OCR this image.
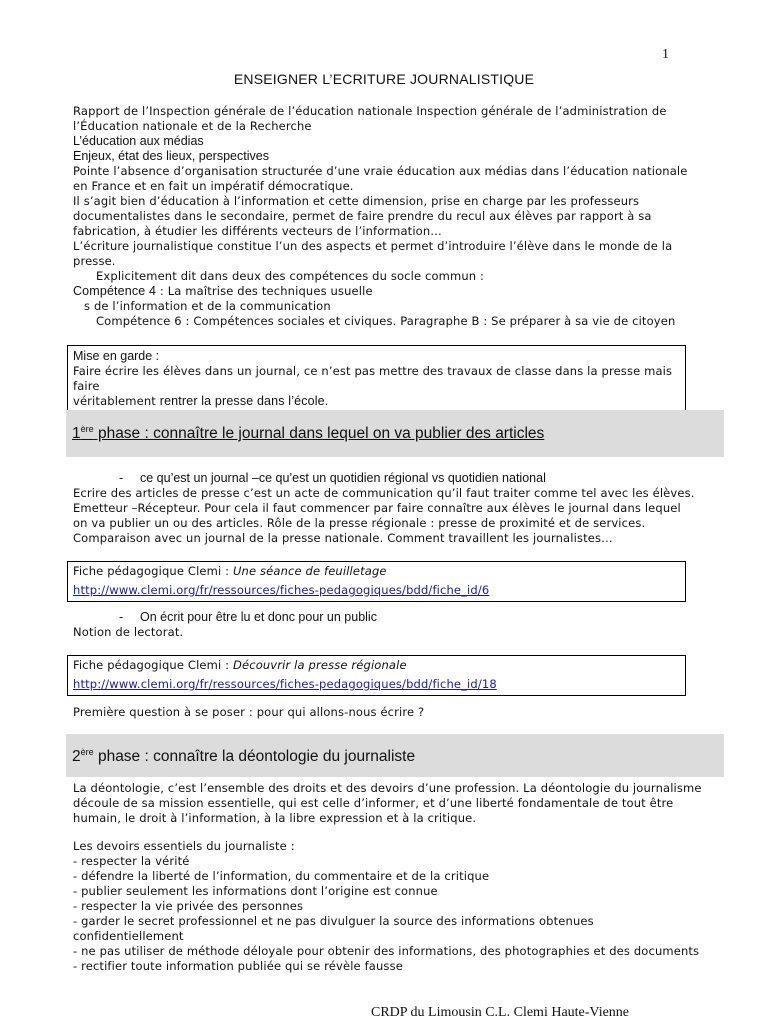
1
ENSEIGNER L’ECRITURE JOURNALISTIQUE

Rapport de l’Inspection générale de l’éducation nationale Inspection générale de l’administration de

l’Éducation nationale et de la Recherche

L’éducation aux médias

Enjeux, état des lieux, perspectives

Pointe l’absence d’organisation structurée d’une vraie éducation aux médias dans l’éducation nationale

en France et en fait un impératif démocratique.

Il s’agit bien d’éducation à l’information et cette dimension, prise en charge par les professeurs

documentalistes dans le secondaire, permet de faire prendre du recul aux élèves par rapport à sa

fabrication, à étudier les différents vecteurs de l’information…

L’écriture journalistique constitue l’un des aspects et permet d’introduire l’élève dans le monde de la

presse.

Explicitement dit dans deux des compétences du socle commun :

Compétence 4 : La maîtrise des techniques usuelle

s de l’information et de la communication

Compétence 6 : Compétences sociales et civiques. Paragraphe B : Se préparer à sa vie de citoyen

Mise en garde :

Faire écrire les élèves dans un journal, ce n’est pas mettre des travaux de classe dans la presse mais faire

véritablement rentrer la presse dans l’école.

1ère phase : connaître le journal dans lequel on va publier des articles

- ce qu’est un journal –ce qu’est un quotidien régional vs quotidien national

Ecrire des articles de presse c’est un acte de communication qu’il faut traiter comme tel avec les élèves.

Emetteur –Récepteur. Pour cela il faut commencer par faire connaître aux élèves le journal dans lequel

on va publier un ou des articles. Rôle de la presse régionale : presse de proximité et de services.

Comparaison avec un journal de la presse nationale. Comment travaillent les journalistes…

Fiche pédagogique Clemi : Une séance de feuilletage

http://www.clemi.org/fr/ressources/fiches-pedagogiques/bdd/fiche_id/6

- On écrit pour être lu et donc pour un public

Notion de lectorat.

Fiche pédagogique Clemi : Découvrir la presse régionale

http://www.clemi.org/fr/ressources/fiches-pedagogiques/bdd/fiche_id/18

Première question à se poser : pour qui allons-nous écrire ?

2ère phase : connaître la déontologie du journaliste

La déontologie, c’est l’ensemble des droits et des devoirs d’une profession. La déontologie du journalisme

découle de sa mission essentielle, qui est celle d’informer, et d’une liberté fondamentale de tout être

humain, le droit à l’information, à la libre expression et à la critique.

Les devoirs essentiels du journaliste :

- respecter la vérité
- défendre la liberté de l’information, du commentaire et de la critique
- publier seulement les informations dont l’origine est connue
- respecter la vie privée des personnes
- garder le secret professionnel et ne pas divulguer la source des informations obtenues
confidentiellement
- ne pas utiliser de méthode déloyale pour obtenir des informations, des photographies et des documents
- rectifier toute information publiée qui se révèle fausse
CRDP du Limousin C.L. Clemi Haute-Vienne
